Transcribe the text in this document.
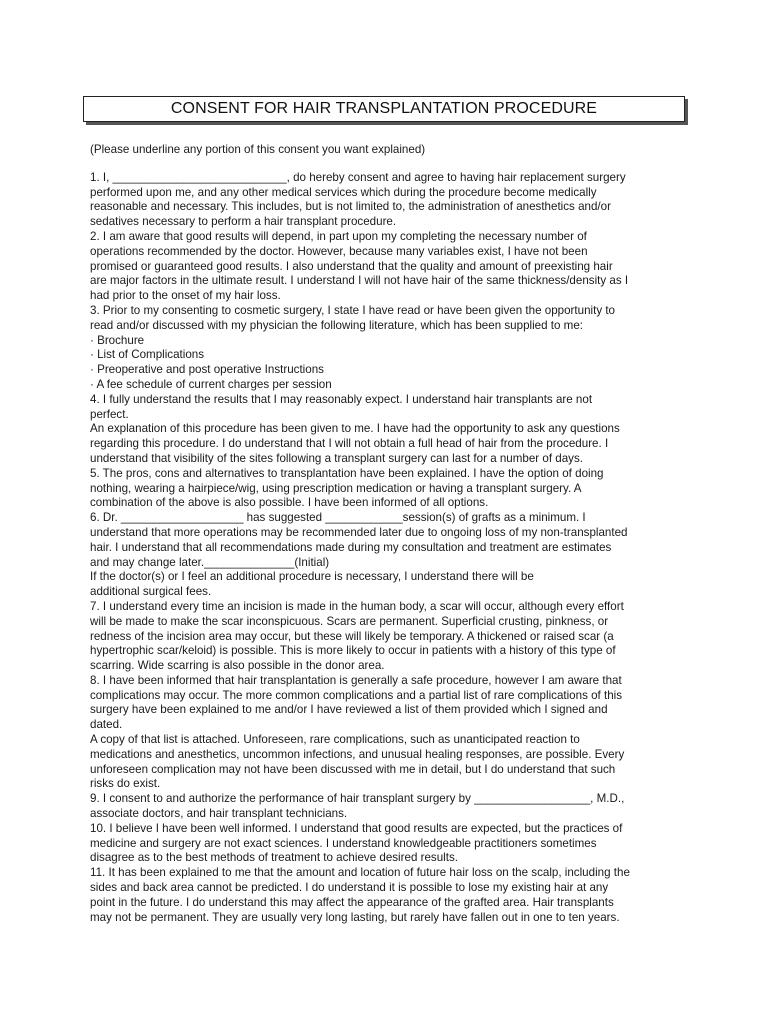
CONSENT FOR HAIR TRANSPLANTATION PROCEDURE
(Please underline any portion of this consent you want explained)
1. I, ___________________________, do hereby consent and agree to having hair replacement surgery
performed upon me, and any other medical services which during the procedure become medically
reasonable and necessary. This includes, but is not limited to, the administration of anesthetics and/or
sedatives necessary to perform a hair transplant procedure.
2. I am aware that good results will depend, in part upon my completing the necessary number of
operations recommended by the doctor. However, because many variables exist, I have not been
promised or guaranteed good results. I also understand that the quality and amount of preexisting hair
are major factors in the ultimate result. I understand I will not have hair of the same thickness/density as I
had prior to the onset of my hair loss.
3. Prior to my consenting to cosmetic surgery, I state I have read or have been given the opportunity to
read and/or discussed with my physician the following literature, which has been supplied to me:
· Brochure
· List of Complications
· Preoperative and post operative Instructions
· A fee schedule of current charges per session
4. I fully understand the results that I may reasonably expect. I understand hair transplants are not
perfect.
An explanation of this procedure has been given to me. I have had the opportunity to ask any questions
regarding this procedure. I do understand that I will not obtain a full head of hair from the procedure. I
understand that visibility of the sites following a transplant surgery can last for a number of days.
5. The pros, cons and alternatives to transplantation have been explained. I have the option of doing
nothing, wearing a hairpiece/wig, using prescription medication or having a transplant surgery. A
combination of the above is also possible. I have been informed of all options.
6. Dr. ___________________ has suggested ____________session(s) of grafts as a minimum. I
understand that more operations may be recommended later due to ongoing loss of my non-transplanted
hair. I understand that all recommendations made during my consultation and treatment are estimates
and may change later.______________(Initial)
If the doctor(s) or I feel an additional procedure is necessary, I understand there will be
additional surgical fees.
7. I understand every time an incision is made in the human body, a scar will occur, although every effort
will be made to make the scar inconspicuous. Scars are permanent. Superficial crusting, pinkness, or
redness of the incision area may occur, but these will likely be temporary. A thickened or raised scar (a
hypertrophic scar/keloid) is possible. This is more likely to occur in patients with a history of this type of
scarring. Wide scarring is also possible in the donor area.
8. I have been informed that hair transplantation is generally a safe procedure, however I am aware that
complications may occur. The more common complications and a partial list of rare complications of this
surgery have been explained to me and/or I have reviewed a list of them provided which I signed and
dated.
A copy of that list is attached. Unforeseen, rare complications, such as unanticipated reaction to
medications and anesthetics, uncommon infections, and unusual healing responses, are possible. Every
unforeseen complication may not have been discussed with me in detail, but I do understand that such
risks do exist.
9. I consent to and authorize the performance of hair transplant surgery by __________________, M.D.,
associate doctors, and hair transplant technicians.
10. I believe I have been well informed. I understand that good results are expected, but the practices of
medicine and surgery are not exact sciences. I understand knowledgeable practitioners sometimes
disagree as to the best methods of treatment to achieve desired results.
11. It has been explained to me that the amount and location of future hair loss on the scalp, including the
sides and back area cannot be predicted. I do understand it is possible to lose my existing hair at any
point in the future. I do understand this may affect the appearance of the grafted area. Hair transplants
may not be permanent. They are usually very long lasting, but rarely have fallen out in one to ten years.
